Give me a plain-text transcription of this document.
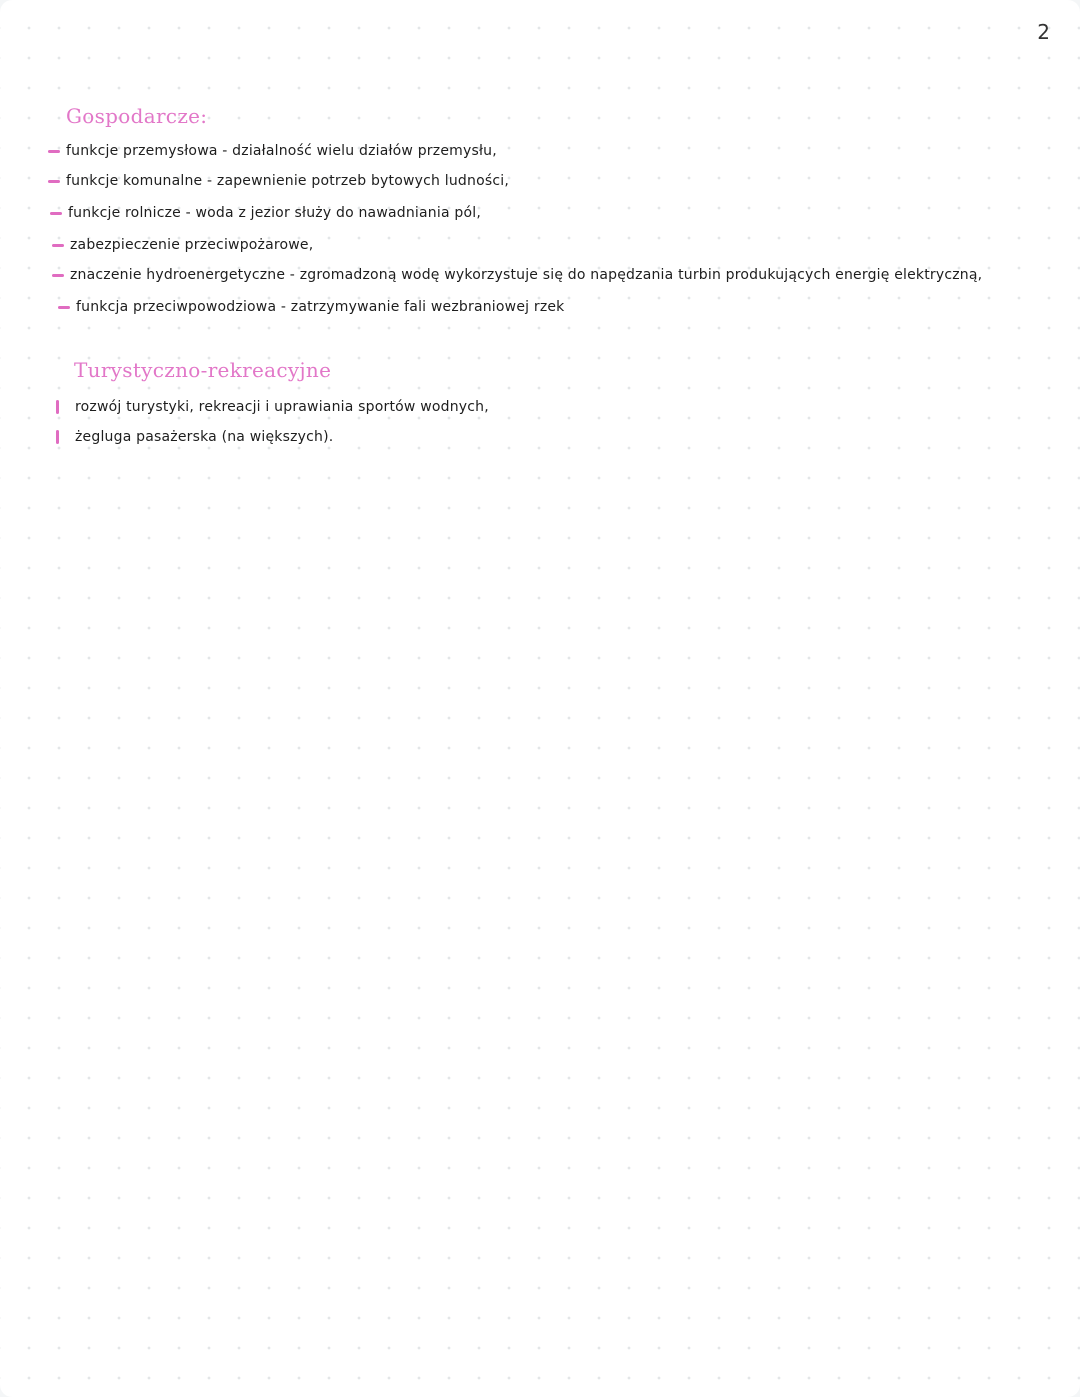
2
Gospodarcze:
funkcje przemysłowa - działalność wielu działów przemysłu,
funkcje komunalne - zapewnienie potrzeb bytowych ludności,
funkcje rolnicze - woda z jezior służy do nawadniania pól,
zabezpieczenie przeciwpożarowe,
znaczenie hydroenergetyczne - zgromadzoną wodę wykorzystuje się do napędzania turbin produkujących energię elektryczną,
funkcja przeciwpowodziowa - zatrzymywanie fali wezbraniowej rzek
Turystyczno-rekreacyjne
rozwój turystyki, rekreacji i uprawiania sportów wodnych,
żegluga pasażerska (na większych).
